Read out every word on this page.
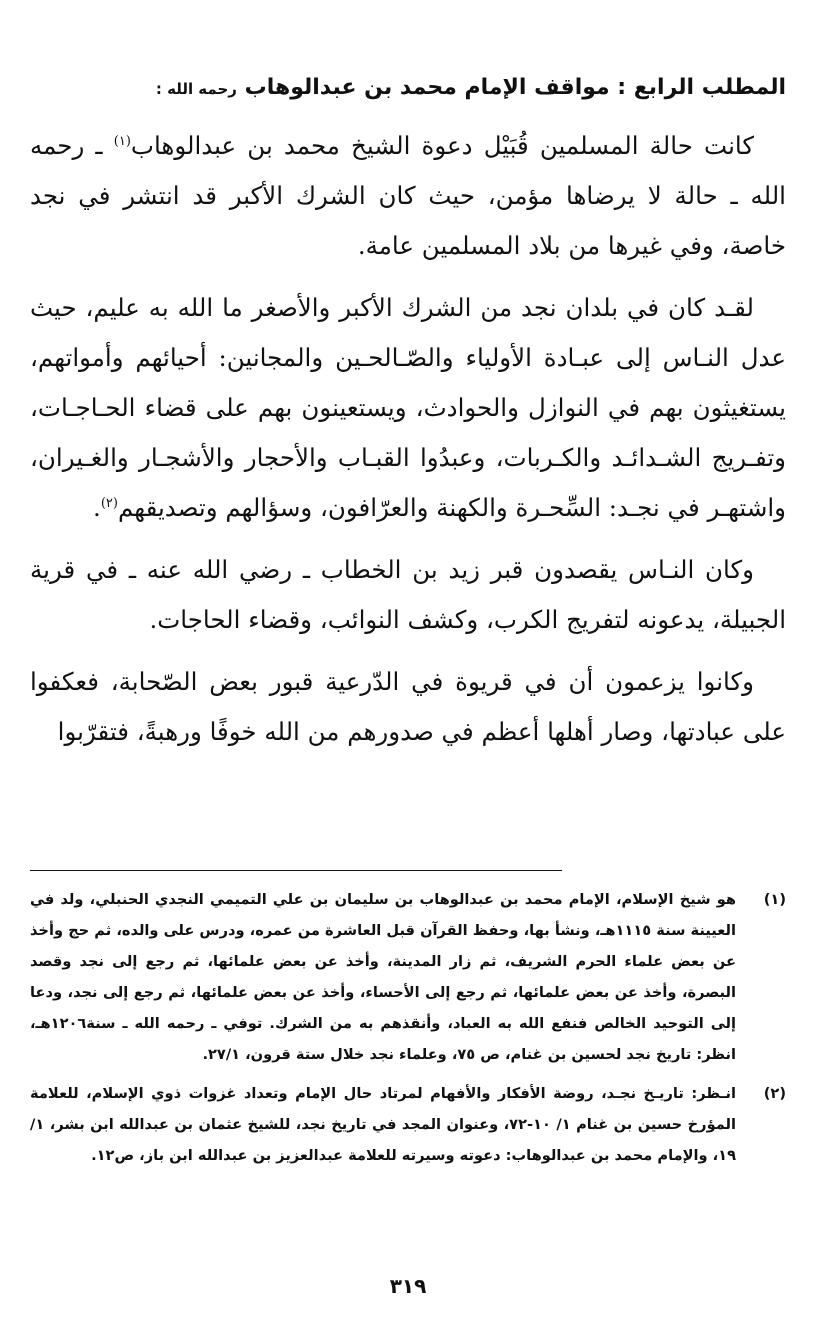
المطلب الرابع : مواقف الإمام محمد بن عبدالوهاب رحمه الله :

كانت حالة المسلمين قُبَيْل دعوة الشيخ محمد بن عبدالوهاب$^{(١)}$ ـ رحمه الله ـ حالة لا يرضاها مؤمن، حيث كان الشرك الأكبر قد انتشر في نجد خاصة، وفي غيرها من بلاد المسلمين عامة.

لقـد كان في بلدان نجد من الشرك الأكبر والأصغر ما الله به عليم، حيث عدل النـاس إلى عبـادة الأولياء والصّـالحـين والمجانين: أحيائهم وأمواتهم، يستغيثون بهم في النوازل والحوادث، ويستعينون بهم على قضاء الحـاجـات، وتفـريج الشـدائـد والكـربات، وعبدُوا القبـاب والأحجار والأشجـار والغـيران، واشتهـر في نجـد: السِّحـرة والكهنة والعرّافون، وسؤالهم وتصديقهم$^{(٢)}$.

وكان النـاس يقصدون قبر زيد بن الخطاب ـ رضي الله عنه ـ في قرية الجبيلة، يدعونه لتفريج الكرب، وكشف النوائب، وقضاء الحاجات.

وكانوا يزعمون أن في قريوة في الدّرعية قبور بعض الصّحابة، فعكفوا على عبادتها، وصار أهلها أعظم في صدورهم من الله خوفًا ورهبةً، فتقرّبوا

(١)
هو شيخ الإسلام، الإمام محمد بن عبدالوهاب بن سليمان بن علي التميمي النجدي الحنبلي، ولد في العيينة سنة ١١١٥هـ، ونشأ بها، وحفظ القرآن قبل العاشرة من عمره، ودرس على والده، ثم حج وأخذ عن بعض علماء الحرم الشريف، ثم زار المدينة، وأخذ عن بعض علمائها، ثم رجع إلى نجد وقصد البصرة، وأخذ عن بعض علمائها، ثم رجع إلى الأحساء، وأخذ عن بعض علمائها، ثم رجع إلى نجد، ودعا إلى التوحيد الخالص فنفع الله به العباد، وأنقذهم به من الشرك. توفي ـ رحمه الله ـ سنة١٢٠٦هـ، انظر: تاريخ نجد لحسين بن غنام، ص ٧٥، وعلماء نجد خلال ستة قرون، ٢٧/١.
(٢)
انـظر: تاريـخ نجـد، روضة الأفكار والأفهام لمرتاد حال الإمام وتعداد غزوات ذوي الإسلام، للعلامة المؤرخ حسين بن غنام ١/ ١٠-٧٢، وعنوان المجد في تاريخ نجد، للشيخ عثمان بن عبدالله ابن بشر، ١/ ١٩، والإمام محمد بن عبدالوهاب: دعوته وسيرته للعلامة عبدالعزيز بن عبدالله ابن باز، ص١٢.
٣١٩
